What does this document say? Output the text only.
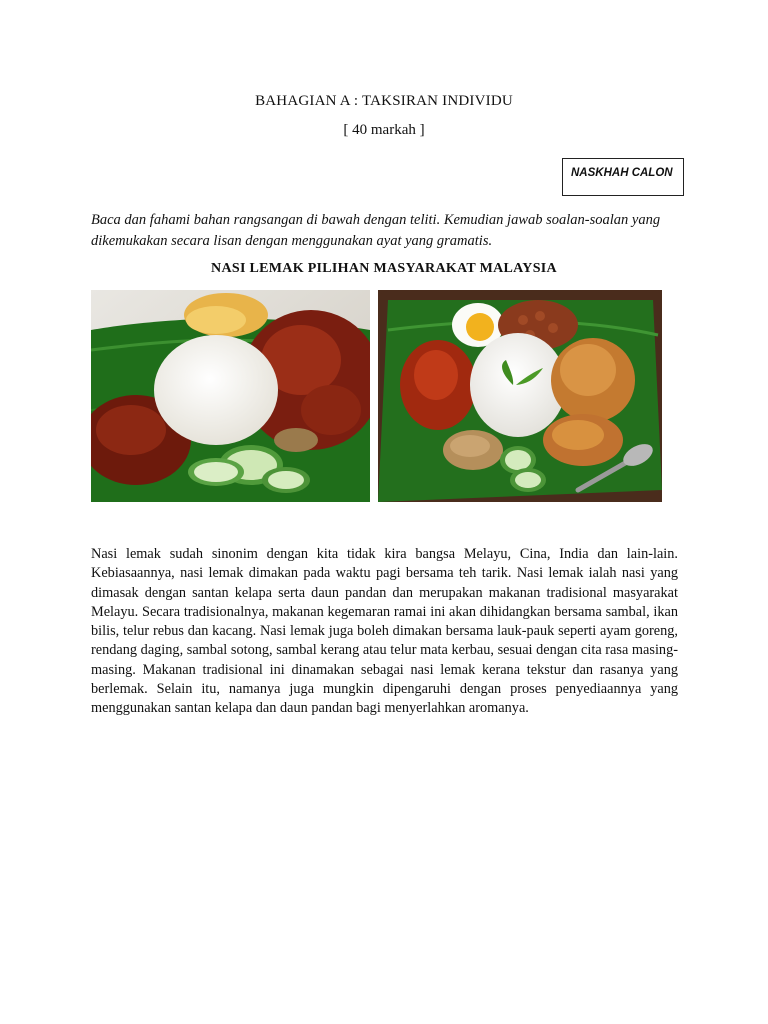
BAHAGIAN A : TAKSIRAN INDIVIDU
[ 40 markah ]
NASKHAH CALON
Baca dan fahami bahan rangsangan di bawah dengan teliti. Kemudian jawab soalan-soalan yang dikemukakan secara lisan dengan menggunakan ayat yang gramatis.
NASI LEMAK PILIHAN MASYARAKAT MALAYSIA
Nasi lemak sudah sinonim dengan kita tidak kira bangsa Melayu, Cina, India dan lain-lain. Kebiasaannya, nasi lemak dimakan pada waktu pagi bersama teh tarik. Nasi lemak ialah nasi yang dimasak dengan santan kelapa serta daun pandan dan merupakan makanan tradisional masyarakat Melayu. Secara tradisionalnya, makanan kegemaran ramai ini akan dihidangkan bersama sambal, ikan bilis, telur rebus dan kacang. Nasi lemak juga boleh dimakan bersama lauk-pauk seperti ayam goreng, rendang daging, sambal sotong, sambal kerang atau telur mata kerbau, sesuai dengan cita rasa masing-masing. Makanan tradisional ini dinamakan sebagai nasi lemak kerana tekstur dan rasanya yang berlemak. Selain itu, namanya juga mungkin dipengaruhi dengan proses penyediaannya yang menggunakan santan kelapa dan daun pandan bagi menyerlahkan aromanya.
